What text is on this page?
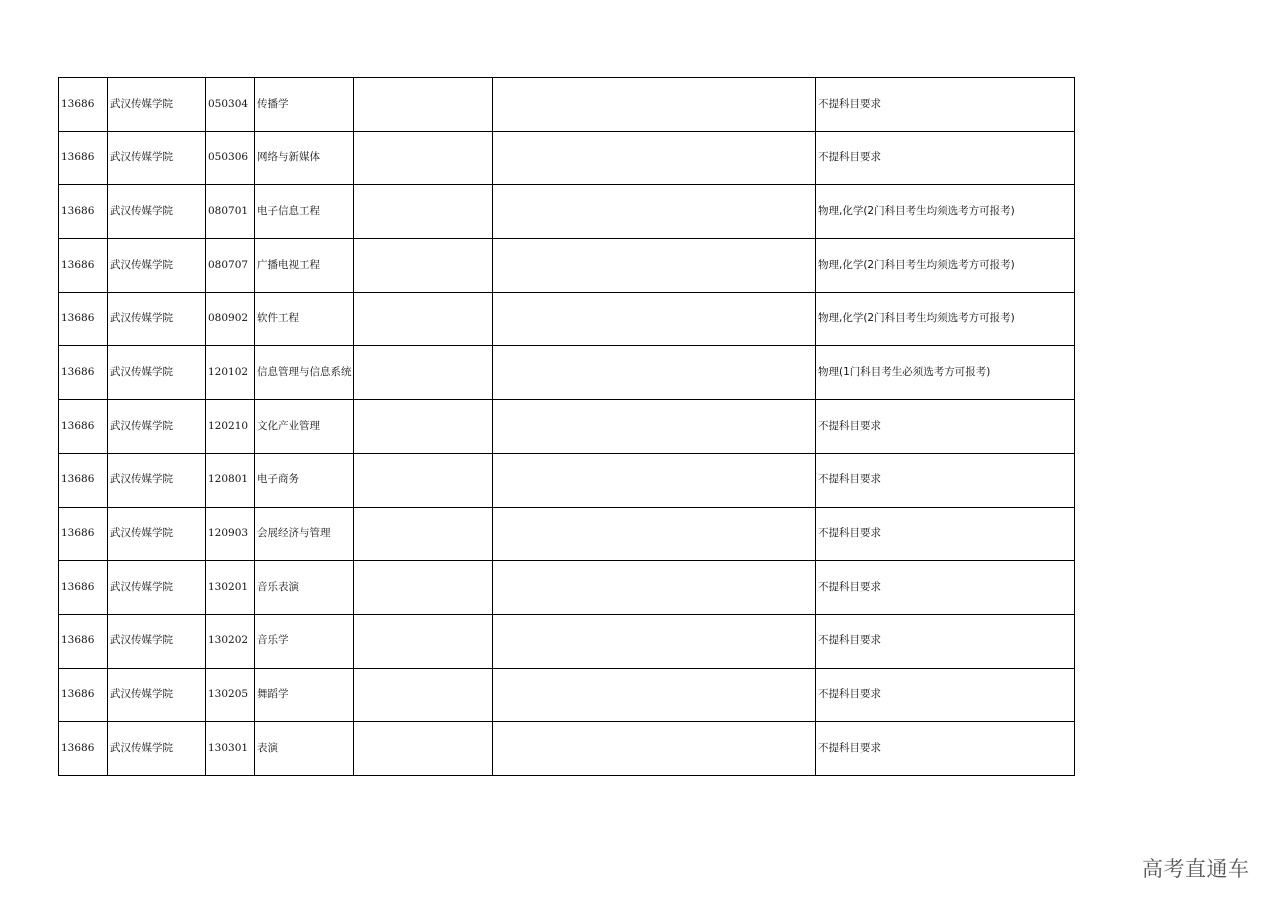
13686	武汉传媒学院	050304	传播学			不提科目要求
13686	武汉传媒学院	050306	网络与新媒体			不提科目要求
13686	武汉传媒学院	080701	电子信息工程			物理,化学(2门科目考生均须选考方可报考)
13686	武汉传媒学院	080707	广播电视工程			物理,化学(2门科目考生均须选考方可报考)
13686	武汉传媒学院	080902	软件工程			物理,化学(2门科目考生均须选考方可报考)
13686	武汉传媒学院	120102	信息管理与信息系统			物理(1门科目考生必须选考方可报考)
13686	武汉传媒学院	120210	文化产业管理			不提科目要求
13686	武汉传媒学院	120801	电子商务			不提科目要求
13686	武汉传媒学院	120903	会展经济与管理			不提科目要求
13686	武汉传媒学院	130201	音乐表演			不提科目要求
13686	武汉传媒学院	130202	音乐学			不提科目要求
13686	武汉传媒学院	130205	舞蹈学			不提科目要求
13686	武汉传媒学院	130301	表演			不提科目要求
高考直通车
